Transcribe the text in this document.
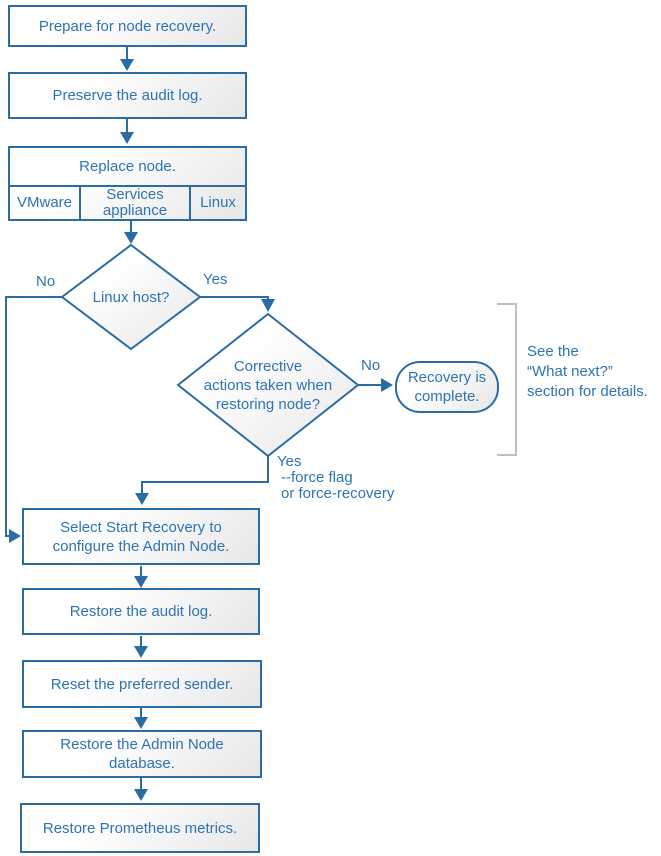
Prepare for node recovery.
Preserve the audit log.
Replace node.
VMware	Services appliance	Linux
Linux host?
No	Yes
Corrective
actions taken when
restoring node?
No
Yes
--force flag
or force-recovery
Recovery is complete.
See the
“What next?”
section for details.
Select Start Recovery to configure the Admin Node.
Restore the audit log.
Reset the preferred sender.
Restore the Admin Node database.
Restore Prometheus metrics.
